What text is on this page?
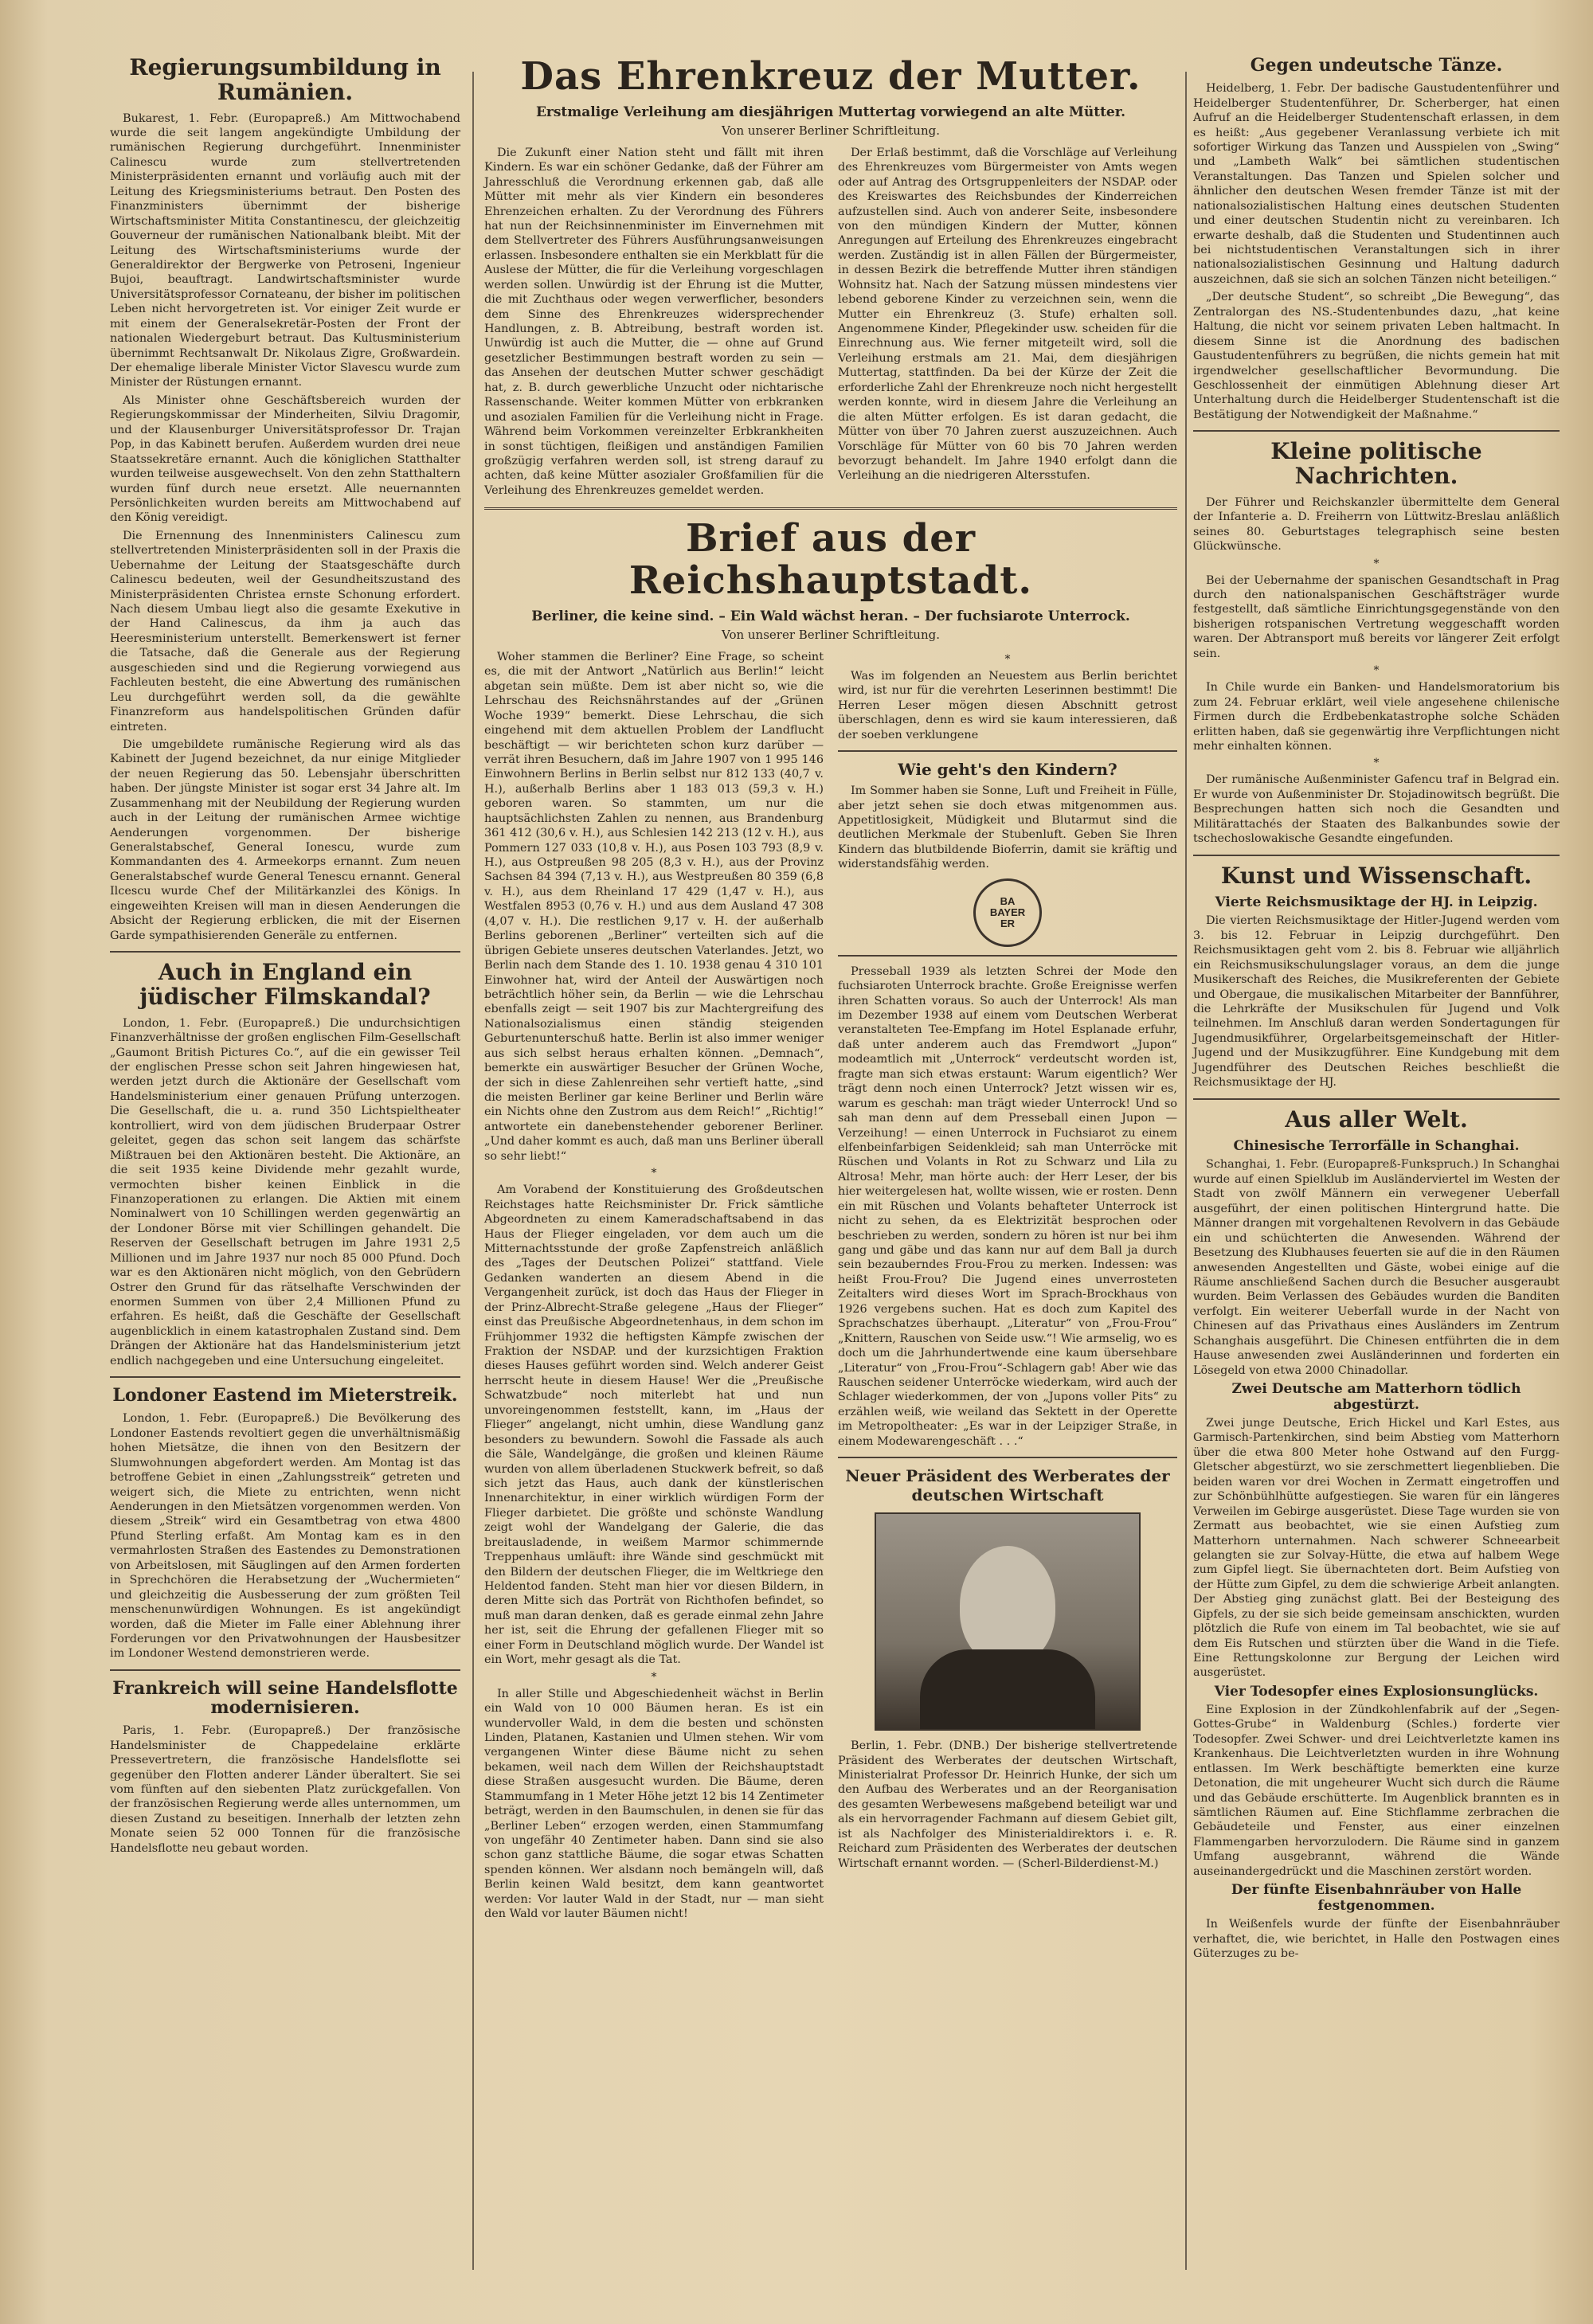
Regierungsumbildung in Rumänien.

Bukarest, 1. Febr. (Europapreß.) Am Mittwochabend wurde die seit langem angekündigte Umbildung der rumänischen Regierung durchgeführt. Innenminister Calinescu wurde zum stellvertretenden Ministerpräsidenten ernannt und vorläufig auch mit der Leitung des Kriegsministeriums betraut. Den Posten des Finanzministers übernimmt der bisherige Wirtschaftsminister Mitita Constantinescu, der gleichzeitig Gouverneur der rumänischen Nationalbank bleibt. Mit der Leitung des Wirtschaftsministeriums wurde der Generaldirektor der Bergwerke von Petroseni, Ingenieur Bujoi, beauftragt. Landwirtschaftsminister wurde Universitätsprofessor Cornateanu, der bisher im politischen Leben nicht hervorgetreten ist. Vor einiger Zeit wurde er mit einem der Generalsekretär-Posten der Front der nationalen Wiedergeburt betraut. Das Kultusministerium übernimmt Rechtsanwalt Dr. Nikolaus Zigre, Großwardein. Der ehemalige liberale Minister Victor Slavescu wurde zum Minister der Rüstungen ernannt.

Als Minister ohne Geschäftsbereich wurden der Regierungskommissar der Minderheiten, Silviu Dragomir, und der Klausenburger Universitätsprofessor Dr. Trajan Pop, in das Kabinett berufen. Außerdem wurden drei neue Staatssekretäre ernannt. Auch die königlichen Statthalter wurden teilweise ausgewechselt. Von den zehn Statthaltern wurden fünf durch neue ersetzt. Alle neuernannten Persönlichkeiten wurden bereits am Mittwochabend auf den König vereidigt.

Die Ernennung des Innenministers Calinescu zum stellvertretenden Ministerpräsidenten soll in der Praxis die Uebernahme der Leitung der Staatsgeschäfte durch Calinescu bedeuten, weil der Gesundheitszustand des Ministerpräsidenten Christea ernste Schonung erfordert. Nach diesem Umbau liegt also die gesamte Exekutive in der Hand Calinescus, da ihm ja auch das Heeresministerium unterstellt. Bemerkenswert ist ferner die Tatsache, daß die Generale aus der Regierung ausgeschieden sind und die Regierung vorwiegend aus Fachleuten besteht, die eine Abwertung des rumänischen Leu durchgeführt werden soll, da die gewählte Finanzreform aus handelspolitischen Gründen dafür eintreten.

Die umgebildete rumänische Regierung wird als das Kabinett der Jugend bezeichnet, da nur einige Mitglieder der neuen Regierung das 50. Lebensjahr überschritten haben. Der jüngste Minister ist sogar erst 34 Jahre alt. Im Zusammenhang mit der Neubildung der Regierung wurden auch in der Leitung der rumänischen Armee wichtige Aenderungen vorgenommen. Der bisherige Generalstabschef, General Ionescu, wurde zum Kommandanten des 4. Armeekorps ernannt. Zum neuen Generalstabschef wurde General Tenescu ernannt. General Ilcescu wurde Chef der Militärkanzlei des Königs. In eingeweihten Kreisen will man in diesen Aenderungen die Absicht der Regierung erblicken, die mit der Eisernen Garde sympathisierenden Generäle zu entfernen.

Auch in England ein jüdischer Filmskandal?

London, 1. Febr. (Europapreß.) Die undurchsichtigen Finanzverhältnisse der großen englischen Film-Gesellschaft „Gaumont British Pictures Co.“, auf die ein gewisser Teil der englischen Presse schon seit Jahren hingewiesen hat, werden jetzt durch die Aktionäre der Gesellschaft vom Handelsministerium einer genauen Prüfung unterzogen. Die Gesellschaft, die u. a. rund 350 Lichtspieltheater kontrolliert, wird von dem jüdischen Bruderpaar Ostrer geleitet, gegen das schon seit langem das schärfste Mißtrauen bei den Aktionären besteht. Die Aktionäre, an die seit 1935 keine Dividende mehr gezahlt wurde, vermochten bisher keinen Einblick in die Finanzoperationen zu erlangen. Die Aktien mit einem Nominalwert von 10 Schillingen werden gegenwärtig an der Londoner Börse mit vier Schillingen gehandelt. Die Reserven der Gesellschaft betrugen im Jahre 1931 2,5 Millionen und im Jahre 1937 nur noch 85 000 Pfund. Doch war es den Aktionären nicht möglich, von den Gebrüdern Ostrer den Grund für das rätselhafte Verschwinden der enormen Summen von über 2,4 Millionen Pfund zu erfahren. Es heißt, daß die Geschäfte der Gesellschaft augenblicklich in einem katastrophalen Zustand sind. Dem Drängen der Aktionäre hat das Handelsministerium jetzt endlich nachgegeben und eine Untersuchung eingeleitet.

Londoner Eastend im Mieterstreik.

London, 1. Febr. (Europapreß.) Die Bevölkerung des Londoner Eastends revoltiert gegen die unverhältnismäßig hohen Mietsätze, die ihnen von den Besitzern der Slumwohnungen abgefordert werden. Am Montag ist das betroffene Gebiet in einen „Zahlungsstreik“ getreten und weigert sich, die Miete zu entrichten, wenn nicht Aenderungen in den Mietsätzen vorgenommen werden. Von diesem „Streik“ wird ein Gesamtbetrag von etwa 4800 Pfund Sterling erfaßt. Am Montag kam es in den vermahrlosten Straßen des Eastendes zu Demonstrationen von Arbeitslosen, mit Säuglingen auf den Armen forderten in Sprechchören die Herabsetzung der „Wuchermieten“ und gleichzeitig die Ausbesserung der zum größten Teil menschenunwürdigen Wohnungen. Es ist angekündigt worden, daß die Mieter im Falle einer Ablehnung ihrer Forderungen vor den Privatwohnungen der Hausbesitzer im Londoner Westend demonstrieren werde.

Frankreich will seine Handelsflotte modernisieren.

Paris, 1. Febr. (Europapreß.) Der französische Handelsminister de Chappedelaine erklärte Pressevertretern, die französische Handelsflotte sei gegenüber den Flotten anderer Länder überaltert. Sie sei vom fünften auf den siebenten Platz zurückgefallen. Von der französischen Regierung werde alles unternommen, um diesen Zustand zu beseitigen. Innerhalb der letzten zehn Monate seien 52 000 Tonnen für die französische Handelsflotte neu gebaut worden.

Das Ehrenkreuz der Mutter.
Erstmalige Verleihung am diesjährigen Muttertag vorwiegend an alte Mütter.
Von unserer Berliner Schriftleitung.

Die Zukunft einer Nation steht und fällt mit ihren Kindern. Es war ein schöner Gedanke, daß der Führer am Jahresschluß die Verordnung erkennen gab, daß alle Mütter mit mehr als vier Kindern ein besonderes Ehrenzeichen erhalten. Zu der Verordnung des Führers hat nun der Reichsinnenminister im Einvernehmen mit dem Stellvertreter des Führers Ausführungsanweisungen erlassen. Insbesondere enthalten sie ein Merkblatt für die Auslese der Mütter, die für die Verleihung vorgeschlagen werden sollen. Unwürdig ist der Ehrung ist die Mutter, die mit Zuchthaus oder wegen verwerflicher, besonders dem Sinne des Ehrenkreuzes widersprechender Handlungen, z. B. Abtreibung, bestraft worden ist. Unwürdig ist auch die Mutter, die — ohne auf Grund gesetzlicher Bestimmungen bestraft worden zu sein — das Ansehen der deutschen Mutter schwer geschädigt hat, z. B. durch gewerbliche Unzucht oder nichtarische Rassenschande. Weiter kommen Mütter von erbkranken und asozialen Familien für die Verleihung nicht in Frage. Während beim Vorkommen vereinzelter Erbkrankheiten in sonst tüchtigen, fleißigen und anständigen Familien großzügig verfahren werden soll, ist streng darauf zu achten, daß keine Mütter asozialer Großfamilien für die Verleihung des Ehrenkreuzes gemeldet werden.

Der Erlaß bestimmt, daß die Vorschläge auf Verleihung des Ehrenkreuzes vom Bürgermeister von Amts wegen oder auf Antrag des Ortsgruppenleiters der NSDAP. oder des Kreiswartes des Reichsbundes der Kinderreichen aufzustellen sind. Auch von anderer Seite, insbesondere von den mündigen Kindern der Mutter, können Anregungen auf Erteilung des Ehrenkreuzes eingebracht werden. Zuständig ist in allen Fällen der Bürgermeister, in dessen Bezirk die betreffende Mutter ihren ständigen Wohnsitz hat. Nach der Satzung müssen mindestens vier lebend geborene Kinder zu verzeichnen sein, wenn die Mutter ein Ehrenkreuz (3. Stufe) erhalten soll. Angenommene Kinder, Pflegekinder usw. scheiden für die Einrechnung aus. Wie ferner mitgeteilt wird, soll die Verleihung erstmals am 21. Mai, dem diesjährigen Muttertag, stattfinden. Da bei der Kürze der Zeit die erforderliche Zahl der Ehrenkreuze noch nicht hergestellt werden konnte, wird in diesem Jahre die Verleihung an die alten Mütter erfolgen. Es ist daran gedacht, die Mütter von über 70 Jahren zuerst auszuzeichnen. Auch Vorschläge für Mütter von 60 bis 70 Jahren werden bevorzugt behandelt. Im Jahre 1940 erfolgt dann die Verleihung an die niedrigeren Altersstufen.

Brief aus der Reichshauptstadt.
Berliner, die keine sind. – Ein Wald wächst heran. – Der fuchsiarote Unterrock.
Von unserer Berliner Schriftleitung.

Woher stammen die Berliner? Eine Frage, so scheint es, die mit der Antwort „Natürlich aus Berlin!“ leicht abgetan sein müßte. Dem ist aber nicht so, wie die Lehrschau des Reichsnährstandes auf der „Grünen Woche 1939“ bemerkt. Diese Lehrschau, die sich eingehend mit dem aktuellen Problem der Landflucht beschäftigt — wir berichteten schon kurz darüber — verrät ihren Besuchern, daß im Jahre 1907 von 1 995 146 Einwohnern Berlins in Berlin selbst nur 812 133 (40,7 v. H.), außerhalb Berlins aber 1 183 013 (59,3 v. H.) geboren waren. So stammten, um nur die hauptsächlichsten Zahlen zu nennen, aus Brandenburg 361 412 (30,6 v. H.), aus Schlesien 142 213 (12 v. H.), aus Pommern 127 033 (10,8 v. H.), aus Posen 103 793 (8,9 v. H.), aus Ostpreußen 98 205 (8,3 v. H.), aus der Provinz Sachsen 84 394 (7,13 v. H.), aus Westpreußen 80 359 (6,8 v. H.), aus dem Rheinland 17 429 (1,47 v. H.), aus Westfalen 8953 (0,76 v. H.) und aus dem Ausland 47 308 (4,07 v. H.). Die restlichen 9,17 v. H. der außerhalb Berlins geborenen „Berliner“ verteilten sich auf die übrigen Gebiete unseres deutschen Vaterlandes. Jetzt, wo Berlin nach dem Stande des 1. 10. 1938 genau 4 310 101 Einwohner hat, wird der Anteil der Auswärtigen noch beträchtlich höher sein, da Berlin — wie die Lehrschau ebenfalls zeigt — seit 1907 bis zur Machtergreifung des Nationalsozialismus einen ständig steigenden Geburtenunterschuß hatte. Berlin ist also immer weniger aus sich selbst heraus erhalten können. „Demnach“, bemerkte ein auswärtiger Besucher der Grünen Woche, der sich in diese Zahlenreihen sehr vertieft hatte, „sind die meisten Berliner gar keine Berliner und Berlin wäre ein Nichts ohne den Zustrom aus dem Reich!“ „Richtig!“ antwortete ein danebenstehender geborener Berliner. „Und daher kommt es auch, daß man uns Berliner überall so sehr liebt!“

*

Am Vorabend der Konstituierung des Großdeutschen Reichstages hatte Reichsminister Dr. Frick sämtliche Abgeordneten zu einem Kameradschaftsabend in das Haus der Flieger eingeladen, vor dem auch um die Mitternachtsstunde der große Zapfenstreich anläßlich des „Tages der Deutschen Polizei“ stattfand. Viele Gedanken wanderten an diesem Abend in die Vergangenheit zurück, ist doch das Haus der Flieger in der Prinz-Albrecht-Straße gelegene „Haus der Flieger“ einst das Preußische Abgeordnetenhaus, in dem schon im Frühjommer 1932 die heftigsten Kämpfe zwischen der Fraktion der NSDAP. und der kurzsichtigen Fraktion dieses Hauses geführt worden sind. Welch anderer Geist herrscht heute in diesem Hause! Wer die „Preußische Schwatzbude“ noch miterlebt hat und nun unvoreingenommen feststellt, kann, im „Haus der Flieger“ angelangt, nicht umhin, diese Wandlung ganz besonders zu bewundern. Sowohl die Fassade als auch die Säle, Wandelgänge, die großen und kleinen Räume wurden von allem überladenen Stuckwerk befreit, so daß sich jetzt das Haus, auch dank der künstlerischen Innenarchitektur, in einer wirklich würdigen Form der Flieger darbietet. Die größte und schönste Wandlung zeigt wohl der Wandelgang der Galerie, die das breitausladende, in weißem Marmor schimmernde Treppenhaus umläuft: ihre Wände sind geschmückt mit den Bildern der deutschen Flieger, die im Weltkriege den Heldentod fanden. Steht man hier vor diesen Bildern, in deren Mitte sich das Porträt von Richthofen befindet, so muß man daran denken, daß es gerade einmal zehn Jahre her ist, seit die Ehrung der gefallenen Flieger mit so einer Form in Deutschland möglich wurde. Der Wandel ist ein Wort, mehr gesagt als die Tat.

*

In aller Stille und Abgeschiedenheit wächst in Berlin ein Wald von 10 000 Bäumen heran. Es ist ein wundervoller Wald, in dem die besten und schönsten Linden, Platanen, Kastanien und Ulmen stehen. Wir vom vergangenen Winter diese Bäume nicht zu sehen bekamen, weil nach dem Willen der Reichshauptstadt diese Straßen ausgesucht wurden. Die Bäume, deren Stammumfang in 1 Meter Höhe jetzt 12 bis 14 Zentimeter beträgt, werden in den Baumschulen, in denen sie für das „Berliner Leben“ erzogen werden, einen Stammumfang von ungefähr 40 Zentimeter haben. Dann sind sie also schon ganz stattliche Bäume, die sogar etwas Schatten spenden können. Wer alsdann noch bemängeln will, daß Berlin keinen Wald besitzt, dem kann geantwortet werden: Vor lauter Wald in der Stadt, nur — man sieht den Wald vor lauter Bäumen nicht!

*

Was im folgenden an Neuestem aus Berlin berichtet wird, ist nur für die verehrten Leserinnen bestimmt! Die Herren Leser mögen diesen Abschnitt getrost überschlagen, denn es wird sie kaum interessieren, daß der soeben verklungene

Wie geht's den Kindern?

Im Sommer haben sie Sonne, Luft und Freiheit in Fülle, aber jetzt sehen sie doch etwas mitgenommen aus. Appetitlosigkeit, Müdigkeit und Blutarmut sind die deutlichen Merkmale der Stubenluft. Geben Sie Ihren Kindern das blutbildende Bioferrin, damit sie kräftig und widerstandsfähig werden.

BA
BAYER
ER

Presseball 1939 als letzten Schrei der Mode den fuchsiaroten Unterrock brachte. Große Ereignisse werfen ihren Schatten voraus. So auch der Unterrock! Als man im Dezember 1938 auf einem vom Deutschen Werberat veranstalteten Tee-Empfang im Hotel Esplanade erfuhr, daß unter anderem auch das Fremdwort „Jupon“ modeamtlich mit „Unterrock“ verdeutscht worden ist, fragte man sich etwas erstaunt: Warum eigentlich? Wer trägt denn noch einen Unterrock? Jetzt wissen wir es, warum es geschah: man trägt wieder Unterrock! Und so sah man denn auf dem Presseball einen Jupon — Verzeihung! — einen Unterrock in Fuchsiarot zu einem elfenbeinfarbigen Seidenkleid; sah man Unterröcke mit Rüschen und Volants in Rot zu Schwarz und Lila zu Altrosa! Mehr, man hörte auch: der Herr Leser, der bis hier weitergelesen hat, wollte wissen, wie er rosten. Denn ein mit Rüschen und Volants behafteter Unterrock ist nicht zu sehen, da es Elektrizität besprochen oder beschrieben zu werden, sondern zu hören ist nur bei ihm gang und gäbe und das kann nur auf dem Ball ja durch sein bezauberndes Frou-Frou zu merken. Indessen: was heißt Frou-Frou? Die Jugend eines unverrosteten Zeitalters wird dieses Wort im Sprach-Brockhaus von 1926 vergebens suchen. Hat es doch zum Kapitel des Sprachschatzes überhaupt. „Literatur“ von „Frou-Frou“ „Knittern, Rauschen von Seide usw.“! Wie armselig, wo es doch um die Jahrhundertwende eine kaum übersehbare „Literatur“ von „Frou-Frou“-Schlagern gab! Aber wie das Rauschen seidener Unterröcke wiederkam, wird auch der Schlager wiederkommen, der von „Jupons voller Pits“ zu erzählen weiß, wie weiland das Sektett in der Operette im Metropoltheater: „Es war in der Leipziger Straße, in einem Modewarengeschäft . . .“

Neuer Präsident des Werberates der deutschen Wirtschaft

Berlin, 1. Febr. (DNB.) Der bisherige stellvertretende Präsident des Werberates der deutschen Wirtschaft, Ministerialrat Professor Dr. Heinrich Hunke, der sich um den Aufbau des Werberates und an der Reorganisation des gesamten Werbewesens maßgebend beteiligt war und als ein hervorragender Fachmann auf diesem Gebiet gilt, ist als Nachfolger des Ministerialdirektors i. e. R. Reichard zum Präsidenten des Werberates der deutschen Wirtschaft ernannt worden. — (Scherl-Bilderdienst-M.)

Gegen undeutsche Tänze.

Heidelberg, 1. Febr. Der badische Gaustudentenführer und Heidelberger Studentenführer, Dr. Scherberger, hat einen Aufruf an die Heidelberger Studentenschaft erlassen, in dem es heißt: „Aus gegebener Veranlassung verbiete ich mit sofortiger Wirkung das Tanzen und Ausspielen von „Swing“ und „Lambeth Walk“ bei sämtlichen studentischen Veranstaltungen. Das Tanzen und Spielen solcher und ähnlicher den deutschen Wesen fremder Tänze ist mit der nationalsozialistischen Haltung eines deutschen Studenten und einer deutschen Studentin nicht zu vereinbaren. Ich erwarte deshalb, daß die Studenten und Studentinnen auch bei nichtstudentischen Veranstaltungen sich in ihrer nationalsozialistischen Gesinnung und Haltung dadurch auszeichnen, daß sie sich an solchen Tänzen nicht beteiligen.“

„Der deutsche Student“, so schreibt „Die Bewegung“, das Zentralorgan des NS.-Studentenbundes dazu, „hat keine Haltung, die nicht vor seinem privaten Leben haltmacht. In diesem Sinne ist die Anordnung des badischen Gaustudentenführers zu begrüßen, die nichts gemein hat mit irgendwelcher gesellschaftlicher Bevormundung. Die Geschlossenheit der einmütigen Ablehnung dieser Art Unterhaltung durch die Heidelberger Studentenschaft ist die Bestätigung der Notwendigkeit der Maßnahme.“

Kleine politische Nachrichten.

Der Führer und Reichskanzler übermittelte dem General der Infanterie a. D. Freiherrn von Lüttwitz-Breslau anläßlich seines 80. Geburtstages telegraphisch seine besten Glückwünsche.

*

Bei der Uebernahme der spanischen Gesandtschaft in Prag durch den nationalspanischen Geschäftsträger wurde festgestellt, daß sämtliche Einrichtungsgegenstände von den bisherigen rotspanischen Vertretung weggeschafft worden waren. Der Abtransport muß bereits vor längerer Zeit erfolgt sein.

*

In Chile wurde ein Banken- und Handelsmoratorium bis zum 24. Februar erklärt, weil viele angesehene chilenische Firmen durch die Erdbebenkatastrophe solche Schäden erlitten haben, daß sie gegenwärtig ihre Verpflichtungen nicht mehr einhalten können.

*

Der rumänische Außenminister Gafencu traf in Belgrad ein. Er wurde von Außenminister Dr. Stojadinowitsch begrüßt. Die Besprechungen hatten sich noch die Gesandten und Militärattachés der Staaten des Balkanbundes sowie der tschechoslowakische Gesandte eingefunden.

Kunst und Wissenschaft.
Vierte Reichsmusiktage der HJ. in Leipzig.

Die vierten Reichsmusiktage der Hitler-Jugend werden vom 3. bis 12. Februar in Leipzig durchgeführt. Den Reichsmusiktagen geht vom 2. bis 8. Februar wie alljährlich ein Reichsmusikschulungslager voraus, an dem die junge Musikerschaft des Reiches, die Musikreferenten der Gebiete und Obergaue, die musikalischen Mitarbeiter der Bannführer, die Lehrkräfte der Musikschulen für Jugend und Volk teilnehmen. Im Anschluß daran werden Sondertagungen für Jugendmusikführer, Orgelarbeitsgemeinschaft der Hitler-Jugend und der Musikzugführer. Eine Kundgebung mit dem Jugendführer des Deutschen Reiches beschließt die Reichsmusiktage der HJ.

Aus aller Welt.
Chinesische Terrorfälle in Schanghai.

Schanghai, 1. Febr. (Europapreß-Funkspruch.) In Schanghai wurde auf einen Spielklub im Ausländerviertel im Westen der Stadt von zwölf Männern ein verwegener Ueberfall ausgeführt, der einen politischen Hintergrund hatte. Die Männer drangen mit vorgehaltenen Revolvern in das Gebäude ein und schüchterten die Anwesenden. Während der Besetzung des Klubhauses feuerten sie auf die in den Räumen anwesenden Angestellten und Gäste, wobei einige auf die Räume anschließend Sachen durch die Besucher ausgeraubt wurden. Beim Verlassen des Gebäudes wurden die Banditen verfolgt. Ein weiterer Ueberfall wurde in der Nacht von Chinesen auf das Privathaus eines Ausländers im Zentrum Schanghais ausgeführt. Die Chinesen entführten die in dem Hause anwesenden zwei Ausländerinnen und forderten ein Lösegeld von etwa 2000 Chinadollar.

Zwei Deutsche am Matterhorn tödlich abgestürzt.

Zwei junge Deutsche, Erich Hickel und Karl Estes, aus Garmisch-Partenkirchen, sind beim Abstieg vom Matterhorn über die etwa 800 Meter hohe Ostwand auf den Furgg-Gletscher abgestürzt, wo sie zerschmettert liegenblieben. Die beiden waren vor drei Wochen in Zermatt eingetroffen und zur Schönbühlhütte aufgestiegen. Sie waren für ein längeres Verweilen im Gebirge ausgerüstet. Diese Tage wurden sie von Zermatt aus beobachtet, wie sie einen Aufstieg zum Matterhorn unternahmen. Nach schwerer Schneearbeit gelangten sie zur Solvay-Hütte, die etwa auf halbem Wege zum Gipfel liegt. Sie übernachteten dort. Beim Aufstieg von der Hütte zum Gipfel, zu dem die schwierige Arbeit anlangten. Der Abstieg ging zunächst glatt. Bei der Besteigung des Gipfels, zu der sie sich beide gemeinsam anschickten, wurden plötzlich die Rufe von einem im Tal beobachtet, wie sie auf dem Eis Rutschen und stürzten über die Wand in die Tiefe. Eine Rettungskolonne zur Bergung der Leichen wird ausgerüstet.

Vier Todesopfer eines Explosionsunglücks.

Eine Explosion in der Zündkohlenfabrik auf der „Segen-Gottes-Grube“ in Waldenburg (Schles.) forderte vier Todesopfer. Zwei Schwer- und drei Leichtverletzte kamen ins Krankenhaus. Die Leichtverletzten wurden in ihre Wohnung entlassen. Im Werk beschäftigte bemerkten eine kurze Detonation, die mit ungeheurer Wucht sich durch die Räume und das Gebäude erschütterte. Im Augenblick brannten es in sämtlichen Räumen auf. Eine Stichflamme zerbrachen die Gebäudeteile und Fenster, aus einer einzelnen Flammengarben hervorzulodern. Die Räume sind in ganzem Umfang ausgebrannt, während die Wände auseinandergedrückt und die Maschinen zerstört worden.

Der fünfte Eisenbahnräuber von Halle festgenommen.

In Weißenfels wurde der fünfte der Eisenbahnräuber verhaftet, die, wie berichtet, in Halle den Postwagen eines Güterzuges zu be-
